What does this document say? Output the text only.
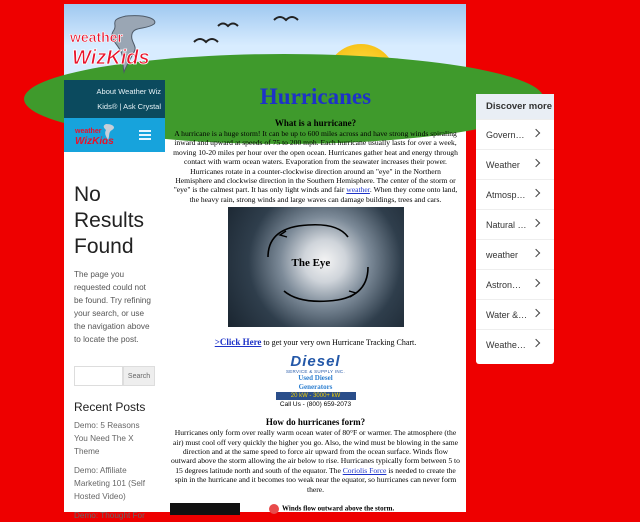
weather
WizKids
About Weather Wiz
Kids® | Ask Crystal
weather
WizKids
No Results Found
The page you requested could not be found. Try refining your search, or use the navigation above to locate the post.
Search
Recent Posts
Demo: 5 Reasons You Need The X Theme
Demo: Affiliate Marketing 101 (Self Hosted Video)
Demo: Thought For
Hurricanes
What is a hurricane?

A hurricane is a huge storm! It can be up to 600 miles across and have strong winds spiraling inward and upward at speeds of 75 to 200 mph. Each hurricane usually lasts for over a week, moving 10-20 miles per hour over the open ocean. Hurricanes gather heat and energy through contact with warm ocean waters. Evaporation from the seawater increases their power. Hurricanes rotate in a counter-clockwise direction around an "eye" in the Northern Hemisphere and clockwise direction in the Southern Hemisphere. The center of the storm or "eye" is the calmest part. It has only light winds and fair weather. When they come onto land, the heavy rain, strong winds and large waves can damage buildings, trees and cars.

The Eye
>Click Here to get your very own Hurricane Tracking Chart.
Diesel
SERVICE & SUPPLY INC.
Used Diesel
Generators
20 kW - 3000+ kW
Call Us - (800) 659-2073
How do hurricanes form?

Hurricanes only form over really warm ocean water of 80°F or warmer. The atmosphere (the air) must cool off very quickly the higher you go. Also, the wind must be blowing in the same direction and at the same speed to force air upward from the ocean surface. Winds flow outward above the storm allowing the air below to rise. Hurricanes typically form between 5 to 15 degrees latitude north and south of the equator. The Coriolis Force is needed to create the spin in the hurricane and it becomes too weak near the equator, so hurricanes can never form there.

Winds flow outward above the storm.
Discover more
Govern…
Weather
Atmosp…
Natural …
weather
Astron…
Water &…
Weathe…
